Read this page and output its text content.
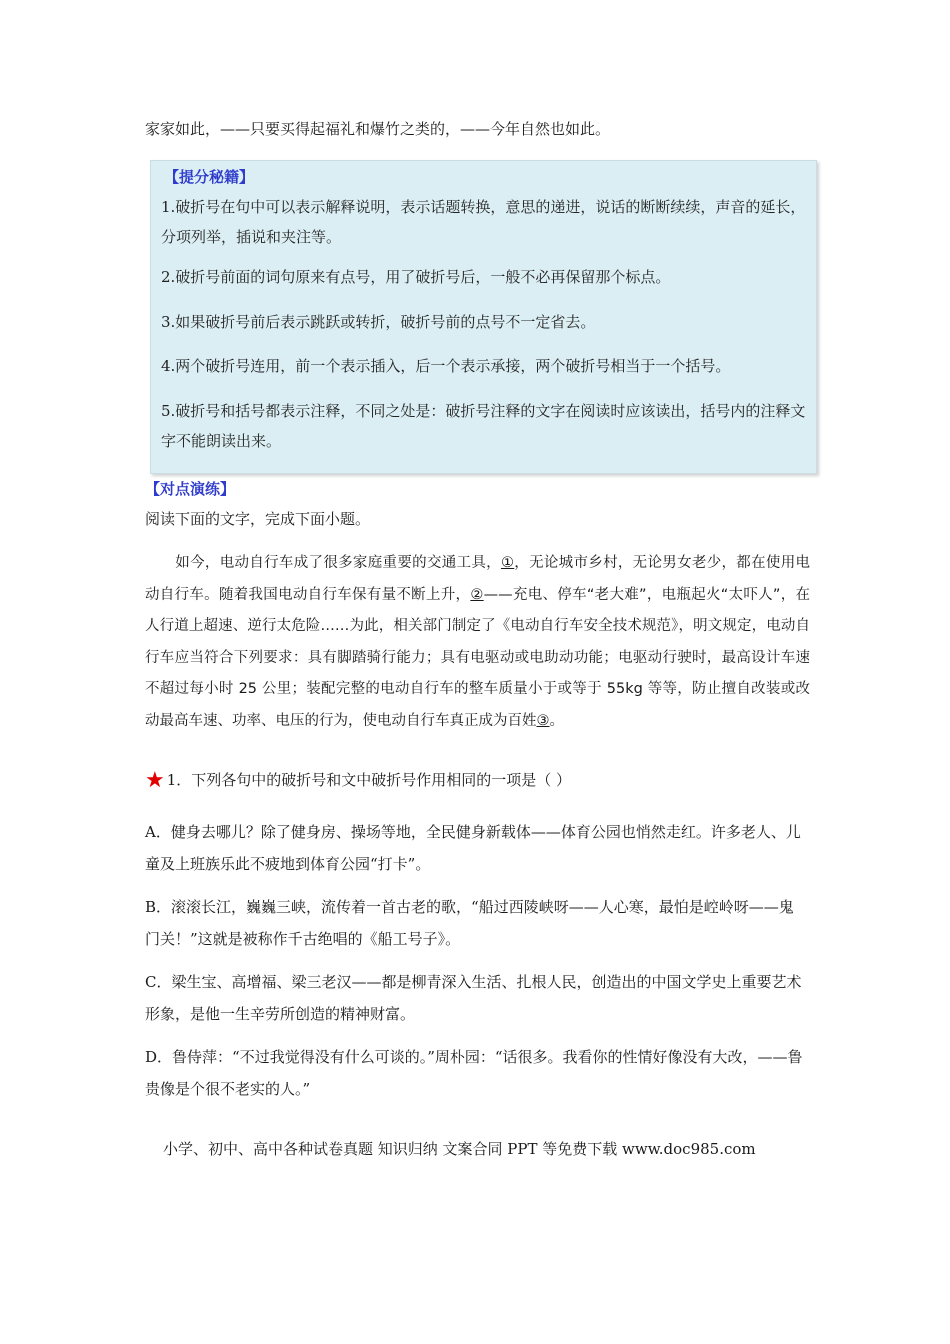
家家如此，——只要买得起福礼和爆竹之类的，——今年自然也如此。
【提分秘籍】
1.破折号在句中可以表示解释说明，表示话题转换，意思的递进，说话的断断续续，声音的延长，分项列举，插说和夹注等。
2.破折号前面的词句原来有点号，用了破折号后，一般不必再保留那个标点。
3.如果破折号前后表示跳跃或转折，破折号前的点号不一定省去。
4.两个破折号连用，前一个表示插入，后一个表示承接，两个破折号相当于一个括号。
5.破折号和括号都表示注释，不同之处是：破折号注释的文字在阅读时应该读出，括号内的注释文字不能朗读出来。
【对点演练】
阅读下面的文字，完成下面小题。
如今，电动自行车成了很多家庭重要的交通工具，①，无论城市乡村，无论男女老少，都在使用电动自行车。随着我国电动自行车保有量不断上升，②——充电、停车“老大难”，电瓶起火“太吓人”，在人行道上超速、逆行太危险……为此，相关部门制定了《电动自行车安全技术规范》，明文规定，电动自行车应当符合下列要求：具有脚踏骑行能力；具有电驱动或电助动功能；电驱动行驶时，最高设计车速不超过每小时 25 公里；装配完整的电动自行车的整车质量小于或等于 55kg 等等，防止擅自改装或改动最高车速、功率、电压的行为，使电动自行车真正成为百姓③。
★ 1．下列各句中的破折号和文中破折号作用相同的一项是（ ）
A．健身去哪儿？除了健身房、操场等地，全民健身新载体——体育公园也悄然走红。许多老人、儿童及上班族乐此不疲地到体育公园“打卡”。
B．滚滚长江，巍巍三峡，流传着一首古老的歌，“船过西陵峡呀——人心寒，最怕是崆岭呀——鬼门关！”这就是被称作千古绝唱的《船工号子》。
C．梁生宝、高增福、梁三老汉——都是柳青深入生活、扎根人民，创造出的中国文学史上重要艺术形象，是他一生辛劳所创造的精神财富。
D．鲁侍萍：“不过我觉得没有什么可谈的。”周朴园：“话很多。我看你的性情好像没有大改，——鲁贵像是个很不老实的人。”
小学、初中、高中各种试卷真题 知识归纳 文案合同 PPT 等免费下载 www.doc985.com
